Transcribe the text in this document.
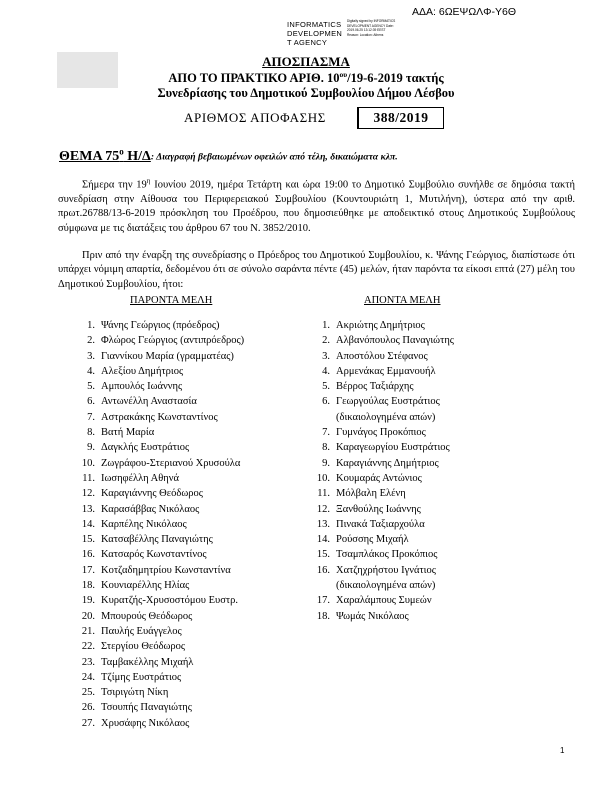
ΑΔΑ: 6ΩΕΨΩΛΦ-Υ6Θ
INFORMATICS
DEVELOPMEN
T AGENCY
Digitally signed by INFORMATICS DEVELOPMENT AGENCY Date: 2019.06.25 13:12:39 EEST Reason: Location: Athens
ΑΠΟΣΠΑΣΜΑ
ΑΠΟ ΤΟ ΠΡΑΚΤΙΚΟ ΑΡΙΘ. $10^{o\upsilon}/19-6-2019$ τακτής
Συνεδρίασης του Δημοτικού Συμβουλίου Δήμου Λέσβου
ΑΡΙΘΜΟΣ ΑΠΟΦΑΣΗΣ	388/2019
ΘΕΜΑ $75^o$ Η/Δ: Διαγραφή βεβαιωμένων οφειλών από τέλη, δικαιώματα κλπ.
Σήμερα την $19^\eta$ Ιουνίου 2019, ημέρα Τετάρτη και ώρα 19:00 το Δημοτικό Συμβούλιο συνήλθε σε δημόσια τακτή συνεδρίαση στην Αίθουσα του Περιφερειακού Συμβουλίου (Κουντουριώτη 1, Μυτιλήνη), ύστερα από την αριθ. πρωτ.26788/13-6-2019 πρόσκληση του Προέδρου, που δημοσιεύθηκε με αποδεικτικό στους Δημοτικούς Συμβούλους σύμφωνα με τις διατάξεις του άρθρου 67 του Ν. 3852/2010.
Πριν από την έναρξη της συνεδρίασης ο Πρόεδρος του Δημοτικού Συμβουλίου, κ. Ψάνης Γεώργιος, διαπίστωσε ότι υπάρχει νόμιμη απαρτία, δεδομένου ότι σε σύνολο σαράντα πέντε (45) μελών, ήταν παρόντα τα είκοσι επτά (27) μέλη του Δημοτικού Συμβουλίου, ήτοι:
ΠΑΡΟΝΤΑ ΜΕΛΗ	ΑΠΟΝΤΑ ΜΕΛΗ
1. Ψάνης Γεώργιος (πρόεδρος)
2. Φλώρος Γεώργιος (αντιπρόεδρος)
3. Γιαννίκου Μαρία (γραμματέας)
4. Αλεξίου Δημήτριος
5. Αμπουλός Ιωάννης
6. Αντωνέλλη Αναστασία
7. Αστρακάκης Κωνσταντίνος
8. Βατή Μαρία
9. Δαγκλής Ευστράτιος
10. Ζωγράφου-Στεριανού Χρυσούλα
11. Ιωσηφέλλη Αθηνά
12. Καραγιάννης Θεόδωρος
13. Καρασάββας Νικόλαος
14. Καρπέλης Νικόλαος
15. Κατσαβέλλης Παναγιώτης
16. Κατσαρός Κωνσταντίνος
17. Κοτζαδημητρίου Κωνσταντίνα
18. Κουνιαρέλλης Ηλίας
19. Κυρατζής-Χρυσοστόμου Ευστρ.
20. Μπουρούς Θεόδωρος
21. Παυλής Ευάγγελος
22. Στεργίου Θεόδωρος
23. Ταμβακέλλης Μιχαήλ
24. Τζίμης Ευστράτιος
25. Τσιριγώτη Νίκη
26. Τσουπής Παναγιώτης
27. Χρυσάφης Νικόλαος
1. Ακριώτης Δημήτριος
2. Αλβανόπουλος Παναγιώτης
3. Αποστόλου Στέφανος
4. Αρμενάκας Εμμανουήλ
5. Βέρρος Ταξιάρχης
6. Γεωργούλας Ευστράτιος
(δικαιολογημένα απών)
7. Γυμνάγος Προκόπιος
8. Καραγεωργίου Ευστράτιος
9. Καραγιάννης Δημήτριος
10. Κουμαράς Αντώνιος
11. Μόλβαλη Ελένη
12. Ξανθούλης Ιωάννης
13. Πινακά Ταξιαρχούλα
14. Ρούσσης Μιχαήλ
15. Τσαμπλάκος Προκόπιος
16. Χατζηχρήστου Ιγνάτιος
(δικαιολογημένα απών)
17. Χαραλάμπους Συμεών
18. Ψωμάς Νικόλαος
1
